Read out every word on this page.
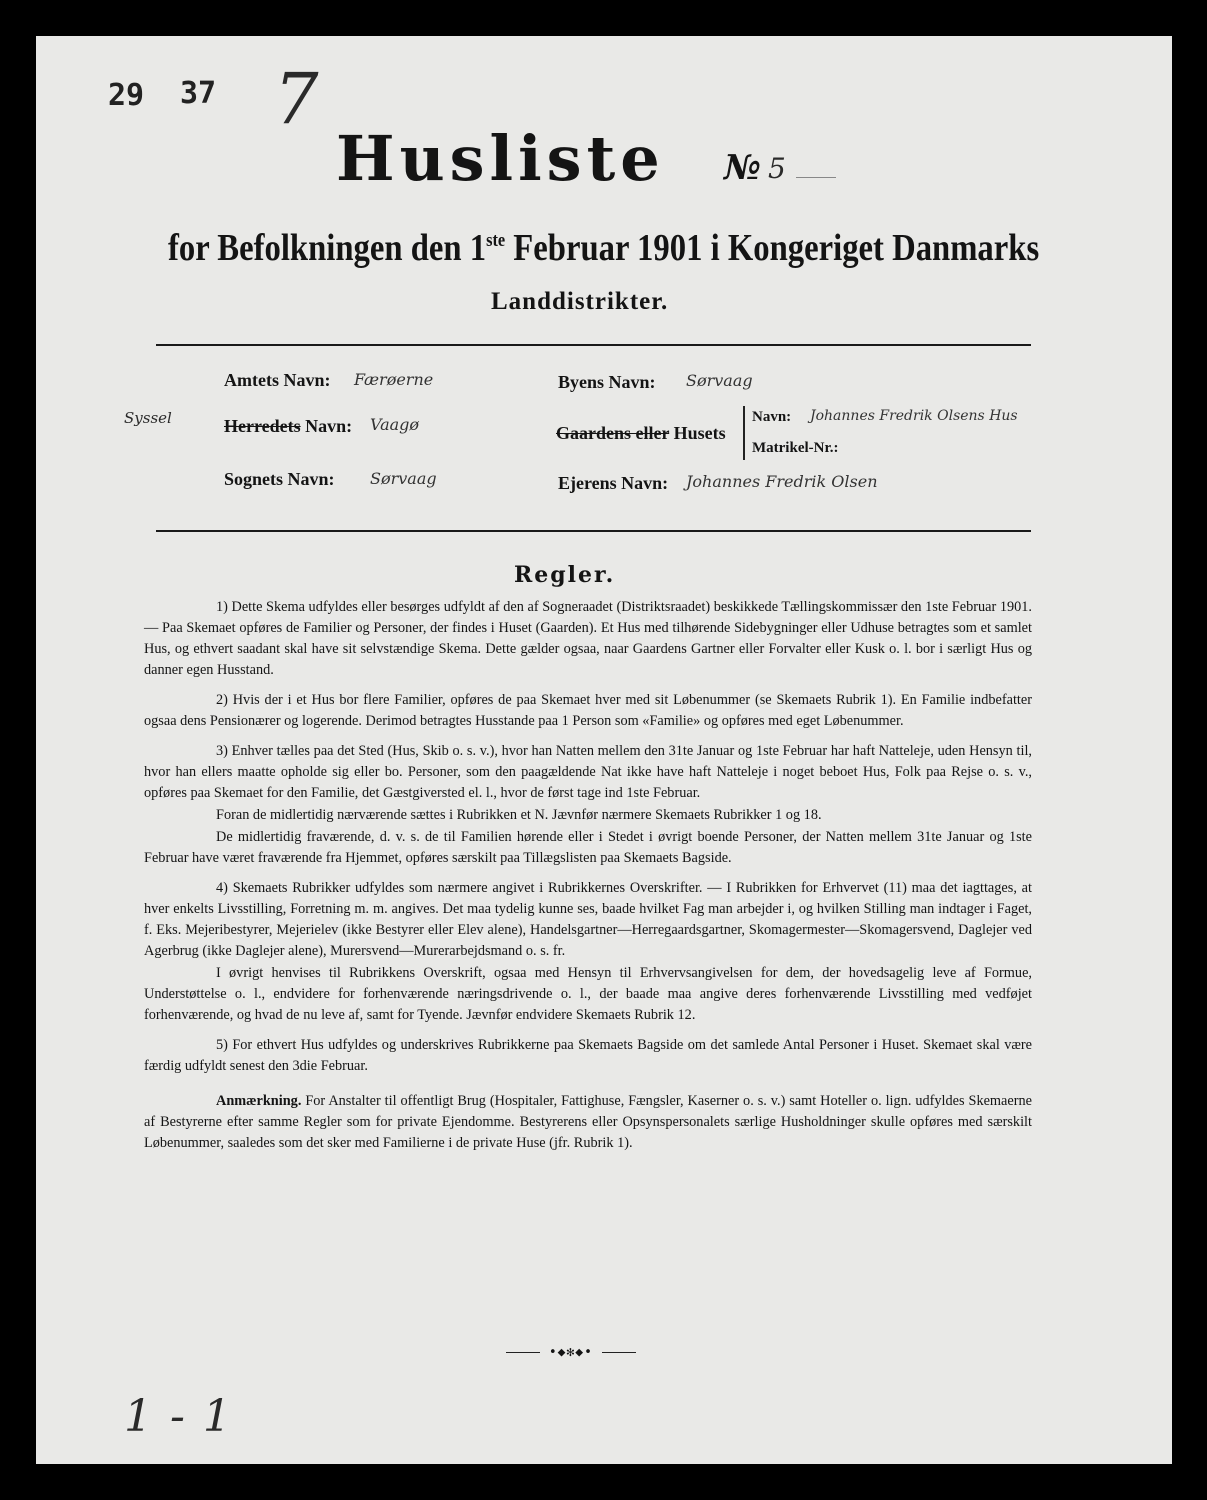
29 37 7
Husliste № 5
for Befolkningen den 1ste Februar 1901 i Kongeriget Danmarks
Landdistrikter.
Syssel
Amtets Navn: Færøerne
Herredets Navn: Vaagø
Sognets Navn: Sørvaag
Byens Navn: Sørvaag
Gaardens eller Husets
Navn: Johannes Fredrik Olsens Hus
Matrikel-Nr.:
Ejerens Navn: Johannes Fredrik Olsen
Regler.

1) Dette Skema udfyldes eller besørges udfyldt af den af Sogneraadet (Distriktsraadet) beskikkede Tællingskommissær den 1ste Februar 1901. — Paa Skemaet opføres de Familier og Personer, der findes i Huset (Gaarden). Et Hus med tilhørende Sidebygninger eller Udhuse betragtes som et samlet Hus, og ethvert saadant skal have sit selvstændige Skema. Dette gælder ogsaa, naar Gaardens Gartner eller Forvalter eller Kusk o. l. bor i særligt Hus og danner egen Husstand.

2) Hvis der i et Hus bor flere Familier, opføres de paa Skemaet hver med sit Løbenummer (se Skemaets Rubrik 1). En Familie indbefatter ogsaa dens Pensionærer og logerende. Derimod betragtes Husstande paa 1 Person som «Familie» og opføres med eget Løbenummer.

3) Enhver tælles paa det Sted (Hus, Skib o. s. v.), hvor han Natten mellem den 31te Januar og 1ste Februar har haft Natteleje, uden Hensyn til, hvor han ellers maatte opholde sig eller bo. Personer, som den paagældende Nat ikke have haft Natteleje i noget beboet Hus, Folk paa Rejse o. s. v., opføres paa Skemaet for den Familie, det Gæstgiversted el. l., hvor de først tage ind 1ste Februar.

Foran de midlertidig nærværende sættes i Rubrikken et N. Jævnfør nærmere Skemaets Rubrikker 1 og 18.

De midlertidig fraværende, d. v. s. de til Familien hørende eller i Stedet i øvrigt boende Personer, der Natten mellem 31te Januar og 1ste Februar have været fraværende fra Hjemmet, opføres særskilt paa Tillægslisten paa Skemaets Bagside.

4) Skemaets Rubrikker udfyldes som nærmere angivet i Rubrikkernes Overskrifter. — I Rubrikken for Erhvervet (11) maa det iagttages, at hver enkelts Livsstilling, Forretning m. m. angives. Det maa tydelig kunne ses, baade hvilket Fag man arbejder i, og hvilken Stilling man indtager i Faget, f. Eks. Mejeribestyrer, Mejerielev (ikke Bestyrer eller Elev alene), Handelsgartner—Herregaardsgartner, Skomagermester—Skomagersvend, Daglejer ved Agerbrug (ikke Daglejer alene), Murersvend—Murerarbejdsmand o. s. fr.

I øvrigt henvises til Rubrikkens Overskrift, ogsaa med Hensyn til Erhvervsangivelsen for dem, der hovedsagelig leve af Formue, Understøttelse o. l., endvidere for forhenværende næringsdrivende o. l., der baade maa angive deres forhenværende Livsstilling med vedføjet forhenværende, og hvad de nu leve af, samt for Tyende. Jævnfør endvidere Skemaets Rubrik 12.

5) For ethvert Hus udfyldes og underskrives Rubrikkerne paa Skemaets Bagside om det samlede Antal Personer i Huset. Skemaet skal være færdig udfyldt senest den 3die Februar.

Anmærkning. For Anstalter til offentligt Brug (Hospitaler, Fattighuse, Fængsler, Kaserner o. s. v.) samt Hoteller o. lign. udfyldes Skemaerne af Bestyrerne efter samme Regler som for private Ejendomme. Bestyrerens eller Opsynspersonalets særlige Husholdninger skulle opføres med særskilt Løbenummer, saaledes som det sker med Familierne i de private Huse (jfr. Rubrik 1).

•◆✻◆•
1-1
